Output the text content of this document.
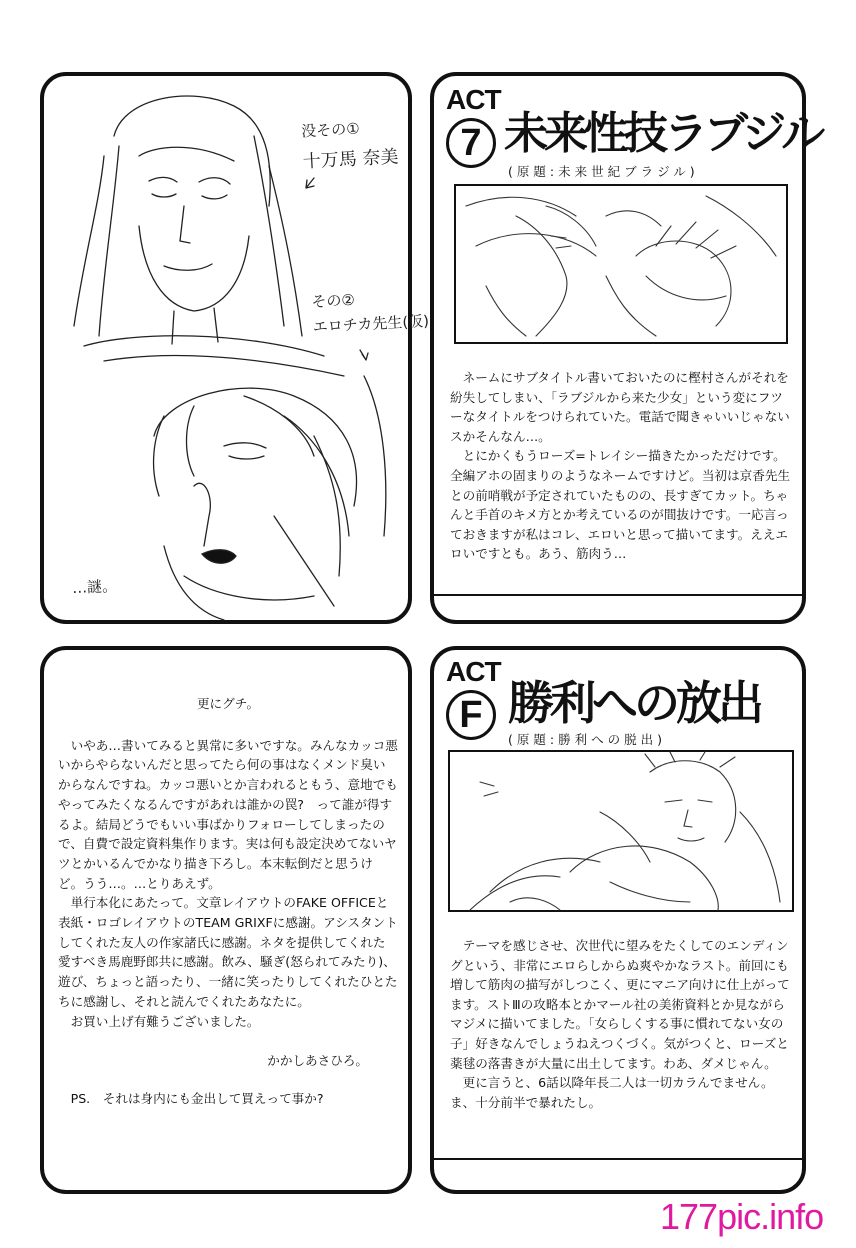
没その①
十万馬 奈美
その②
エロチカ先生(仮)
…謎。
ACT
7 未来性技ラブジル
(原題:未来世紀ブラジル)

ネームにサブタイトル書いておいたのに樫村さんがそれを紛失してしまい、「ラブジルから来た少女」という変にフツーなタイトルをつけられていた。電話で聞きゃいいじゃないスかそんなん…。

とにかくもうローズ=トレイシー描きたかっただけです。全編アホの固まりのようなネームですけど。当初は京香先生との前哨戦が予定されていたものの、長すぎてカット。ちゃんと手首のキメ方とか考えているのが間抜けです。一応言っておきますが私はコレ、エロいと思って描いてます。ええエロいですとも。あう、筋肉う…

更にグチ。

いやあ…書いてみると異常に多いですな。みんなカッコ悪いからやらないんだと思ってたら何の事はなくメンド臭いからなんですね。カッコ悪いとか言われるともう、意地でもやってみたくなるんですがあれは誰かの罠?　って誰が得するよ。結局どうでもいい事ばかりフォローしてしまったので、自費で設定資料集作ります。実は何も設定決めてないヤツとかいるんでかなり描き下ろし。本末転倒だと思うけど。うう…。…とりあえず。

単行本化にあたって。文章レイアウトのFAKE OFFICEと表紙・ロゴレイアウトのTEAM GRIXFに感謝。アシスタントしてくれた友人の作家諸氏に感謝。ネタを提供してくれた愛すべき馬鹿野郎共に感謝。飲み、騒ぎ(怒られてみたり)、遊び、ちょっと語ったり、一緒に笑ったりしてくれたひとたちに感謝し、それと読んでくれたあなたに。

お買い上げ有難うございました。

かかしあさひろ。

PS.　それは身内にも金出して買えって事か?

ACT
F 勝利への放出
(原題:勝利への脱出)

テーマを感じさせ、次世代に望みをたくしてのエンディングという、非常にエロらしからぬ爽やかなラスト。前回にも増して筋肉の描写がしつこく、更にマニア向けに仕上がってます。ストⅢの攻略本とかマール社の美術資料とか見ながらマジメに描いてました。「女らしくする事に慣れてない女の子」好きなんでしょうねえつくづく。気がつくと、ローズと薬毬の落書きが大量に出土してます。わあ、ダメじゃん。

更に言うと、6話以降年長二人は一切カラんでません。ま、十分前半で暴れたし。

177pic.info
